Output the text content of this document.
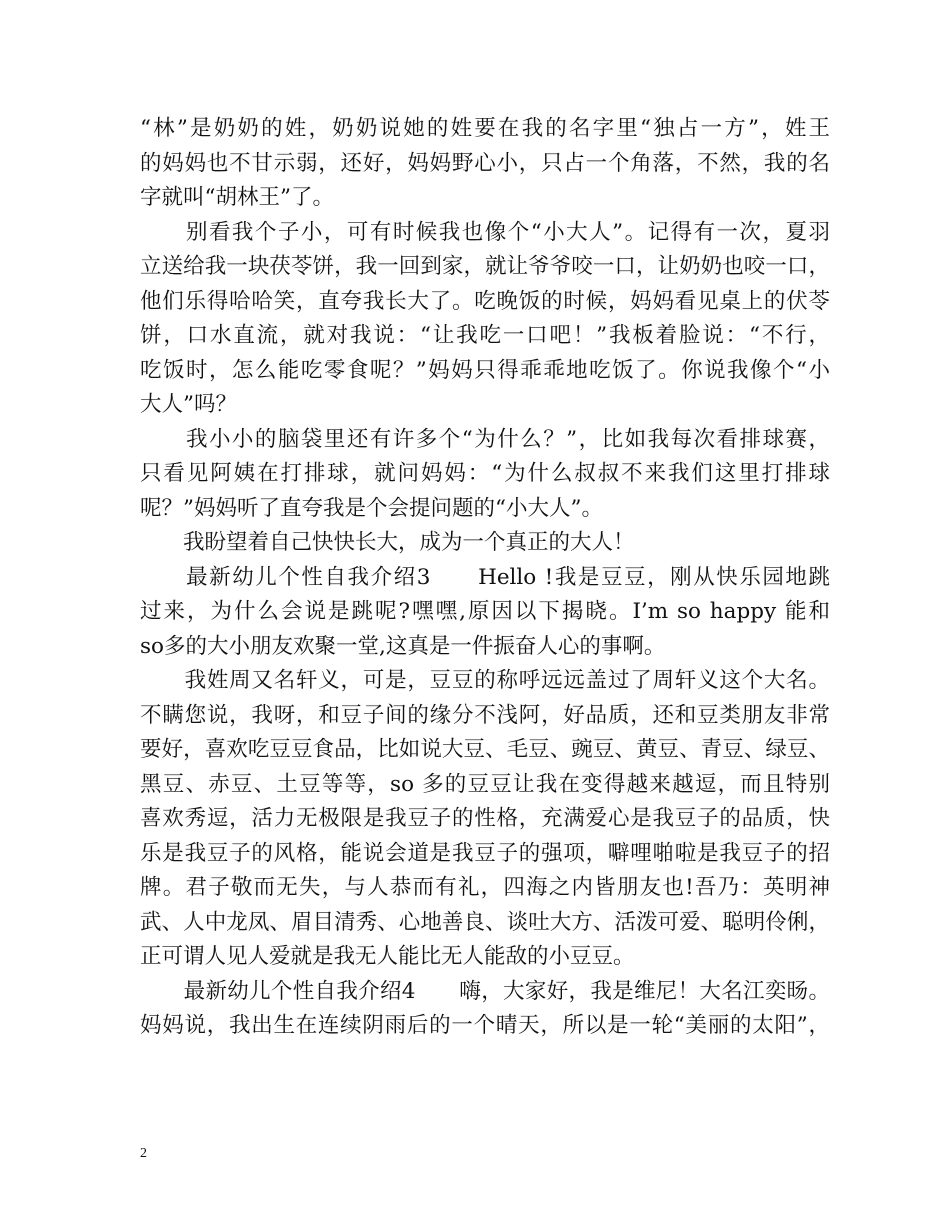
“林”是奶奶的姓，奶奶说她的姓要在我的名字里“独占一方”，姓王
的妈妈也不甘示弱，还好，妈妈野心小，只占一个角落，不然，我的名
字就叫“胡林王”了。
　　别看我个子小，可有时候我也像个“小大人”。记得有一次，夏羽
立送给我一块茯苓饼，我一回到家，就让爷爷咬一口，让奶奶也咬一口，
他们乐得哈哈笑，直夸我长大了。吃晚饭的时候，妈妈看见桌上的伏苓
饼，口水直流，就对我说：“让我吃一口吧！”我板着脸说：“不行，
吃饭时，怎么能吃零食呢？”妈妈只得乖乖地吃饭了。你说我像个“小
大人”吗？
　　我小小的脑袋里还有许多个“为什么？”，比如我每次看排球赛，
只看见阿姨在打排球，就问妈妈：“为什么叔叔不来我们这里打排球
呢？”妈妈听了直夸我是个会提问题的“小大人”。
　　我盼望着自己快快长大，成为一个真正的大人！
　　最新幼儿个性自我介绍3　　Hello !我是豆豆，刚从快乐园地跳
过来，为什么会说是跳呢?嘿嘿,原因以下揭晓。I’m so happy 能和
so多的大小朋友欢聚一堂,这真是一件振奋人心的事啊。
　　我姓周又名轩义，可是，豆豆的称呼远远盖过了周轩义这个大名。
不瞒您说，我呀，和豆子间的缘分不浅阿，好品质，还和豆类朋友非常
要好，喜欢吃豆豆食品，比如说大豆、毛豆、豌豆、黄豆、青豆、绿豆、
黑豆、赤豆、土豆等等，so 多的豆豆让我在变得越来越逗，而且特别
喜欢秀逗，活力无极限是我豆子的性格，充满爱心是我豆子的品质，快
乐是我豆子的风格，能说会道是我豆子的强项，噼哩啪啦是我豆子的招
牌。君子敬而无失，与人恭而有礼，四海之内皆朋友也!吾乃：英明神
武、人中龙凤、眉目清秀、心地善良、谈吐大方、活泼可爱、聪明伶俐，
正可谓人见人爱就是我无人能比无人能敌的小豆豆。
　　最新幼儿个性自我介绍4　　嗨，大家好，我是维尼！大名江奕旸。
妈妈说，我出生在连续阴雨后的一个晴天，所以是一轮“美丽的太阳”，
2
